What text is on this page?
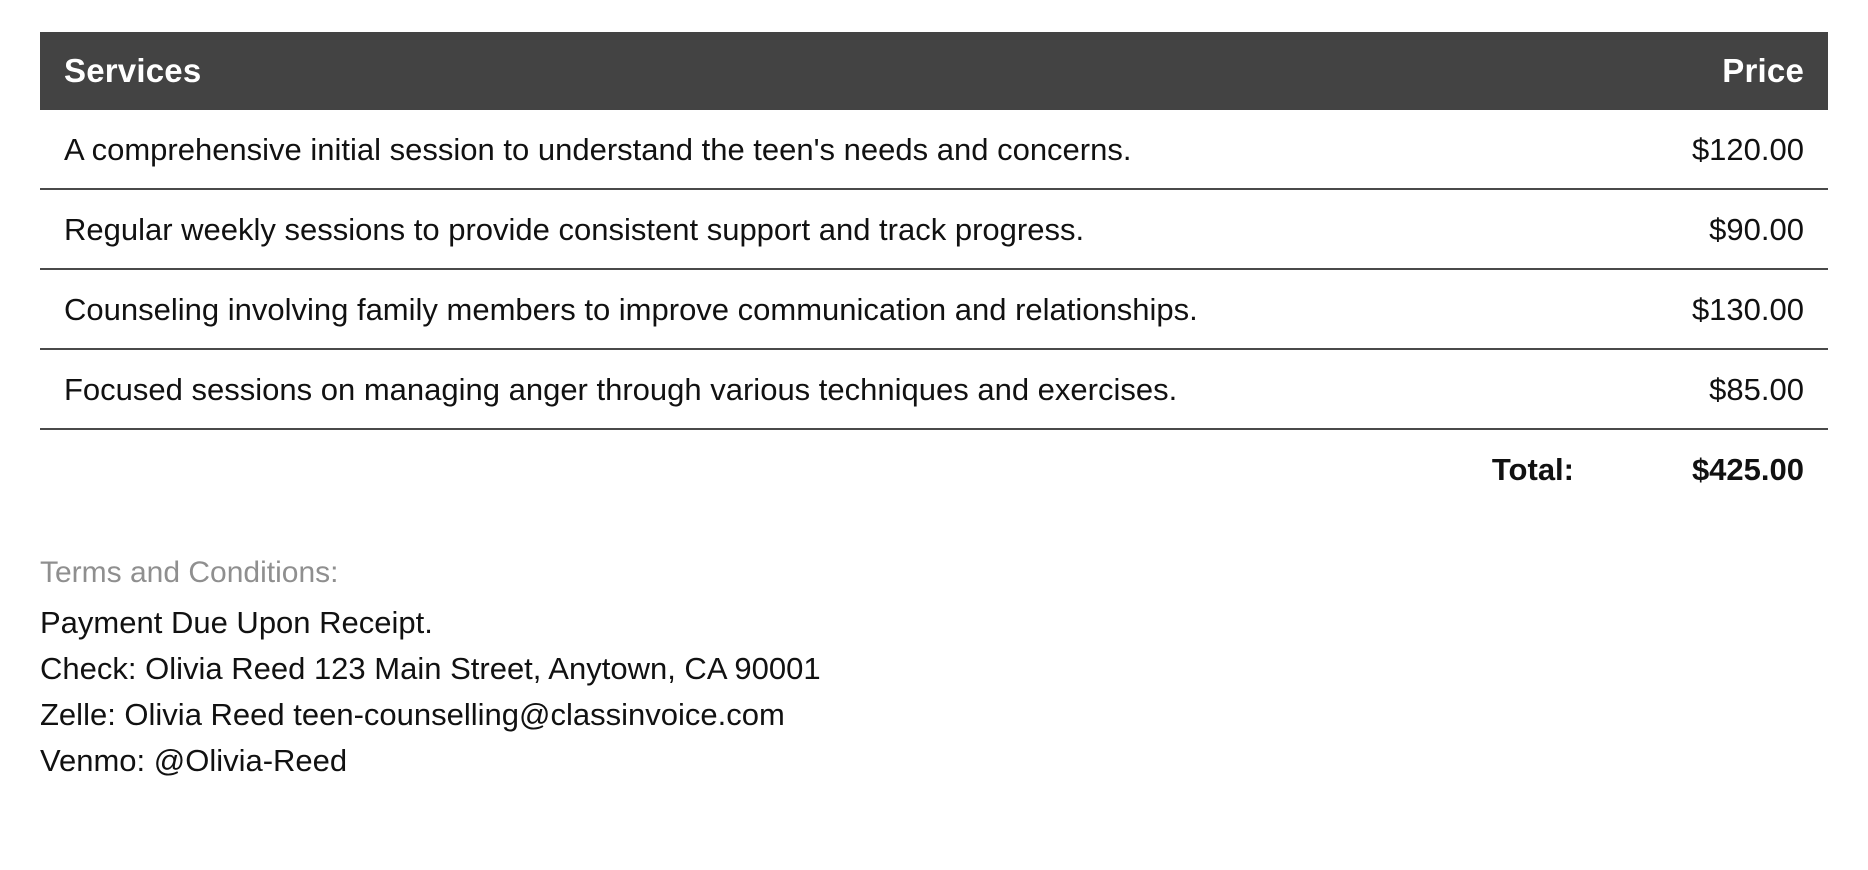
Services	Price
A comprehensive initial session to understand the teen's needs and concerns.	$120.00
Regular weekly sessions to provide consistent support and track progress.	$90.00
Counseling involving family members to improve communication and relationships.	$130.00
Focused sessions on managing anger through various techniques and exercises.	$85.00
Total:	$425.00
Terms and Conditions:
Payment Due Upon Receipt.
Check: Olivia Reed 123 Main Street, Anytown, CA 90001
Zelle: Olivia Reed teen-counselling@classinvoice.com
Venmo: @Olivia-Reed
